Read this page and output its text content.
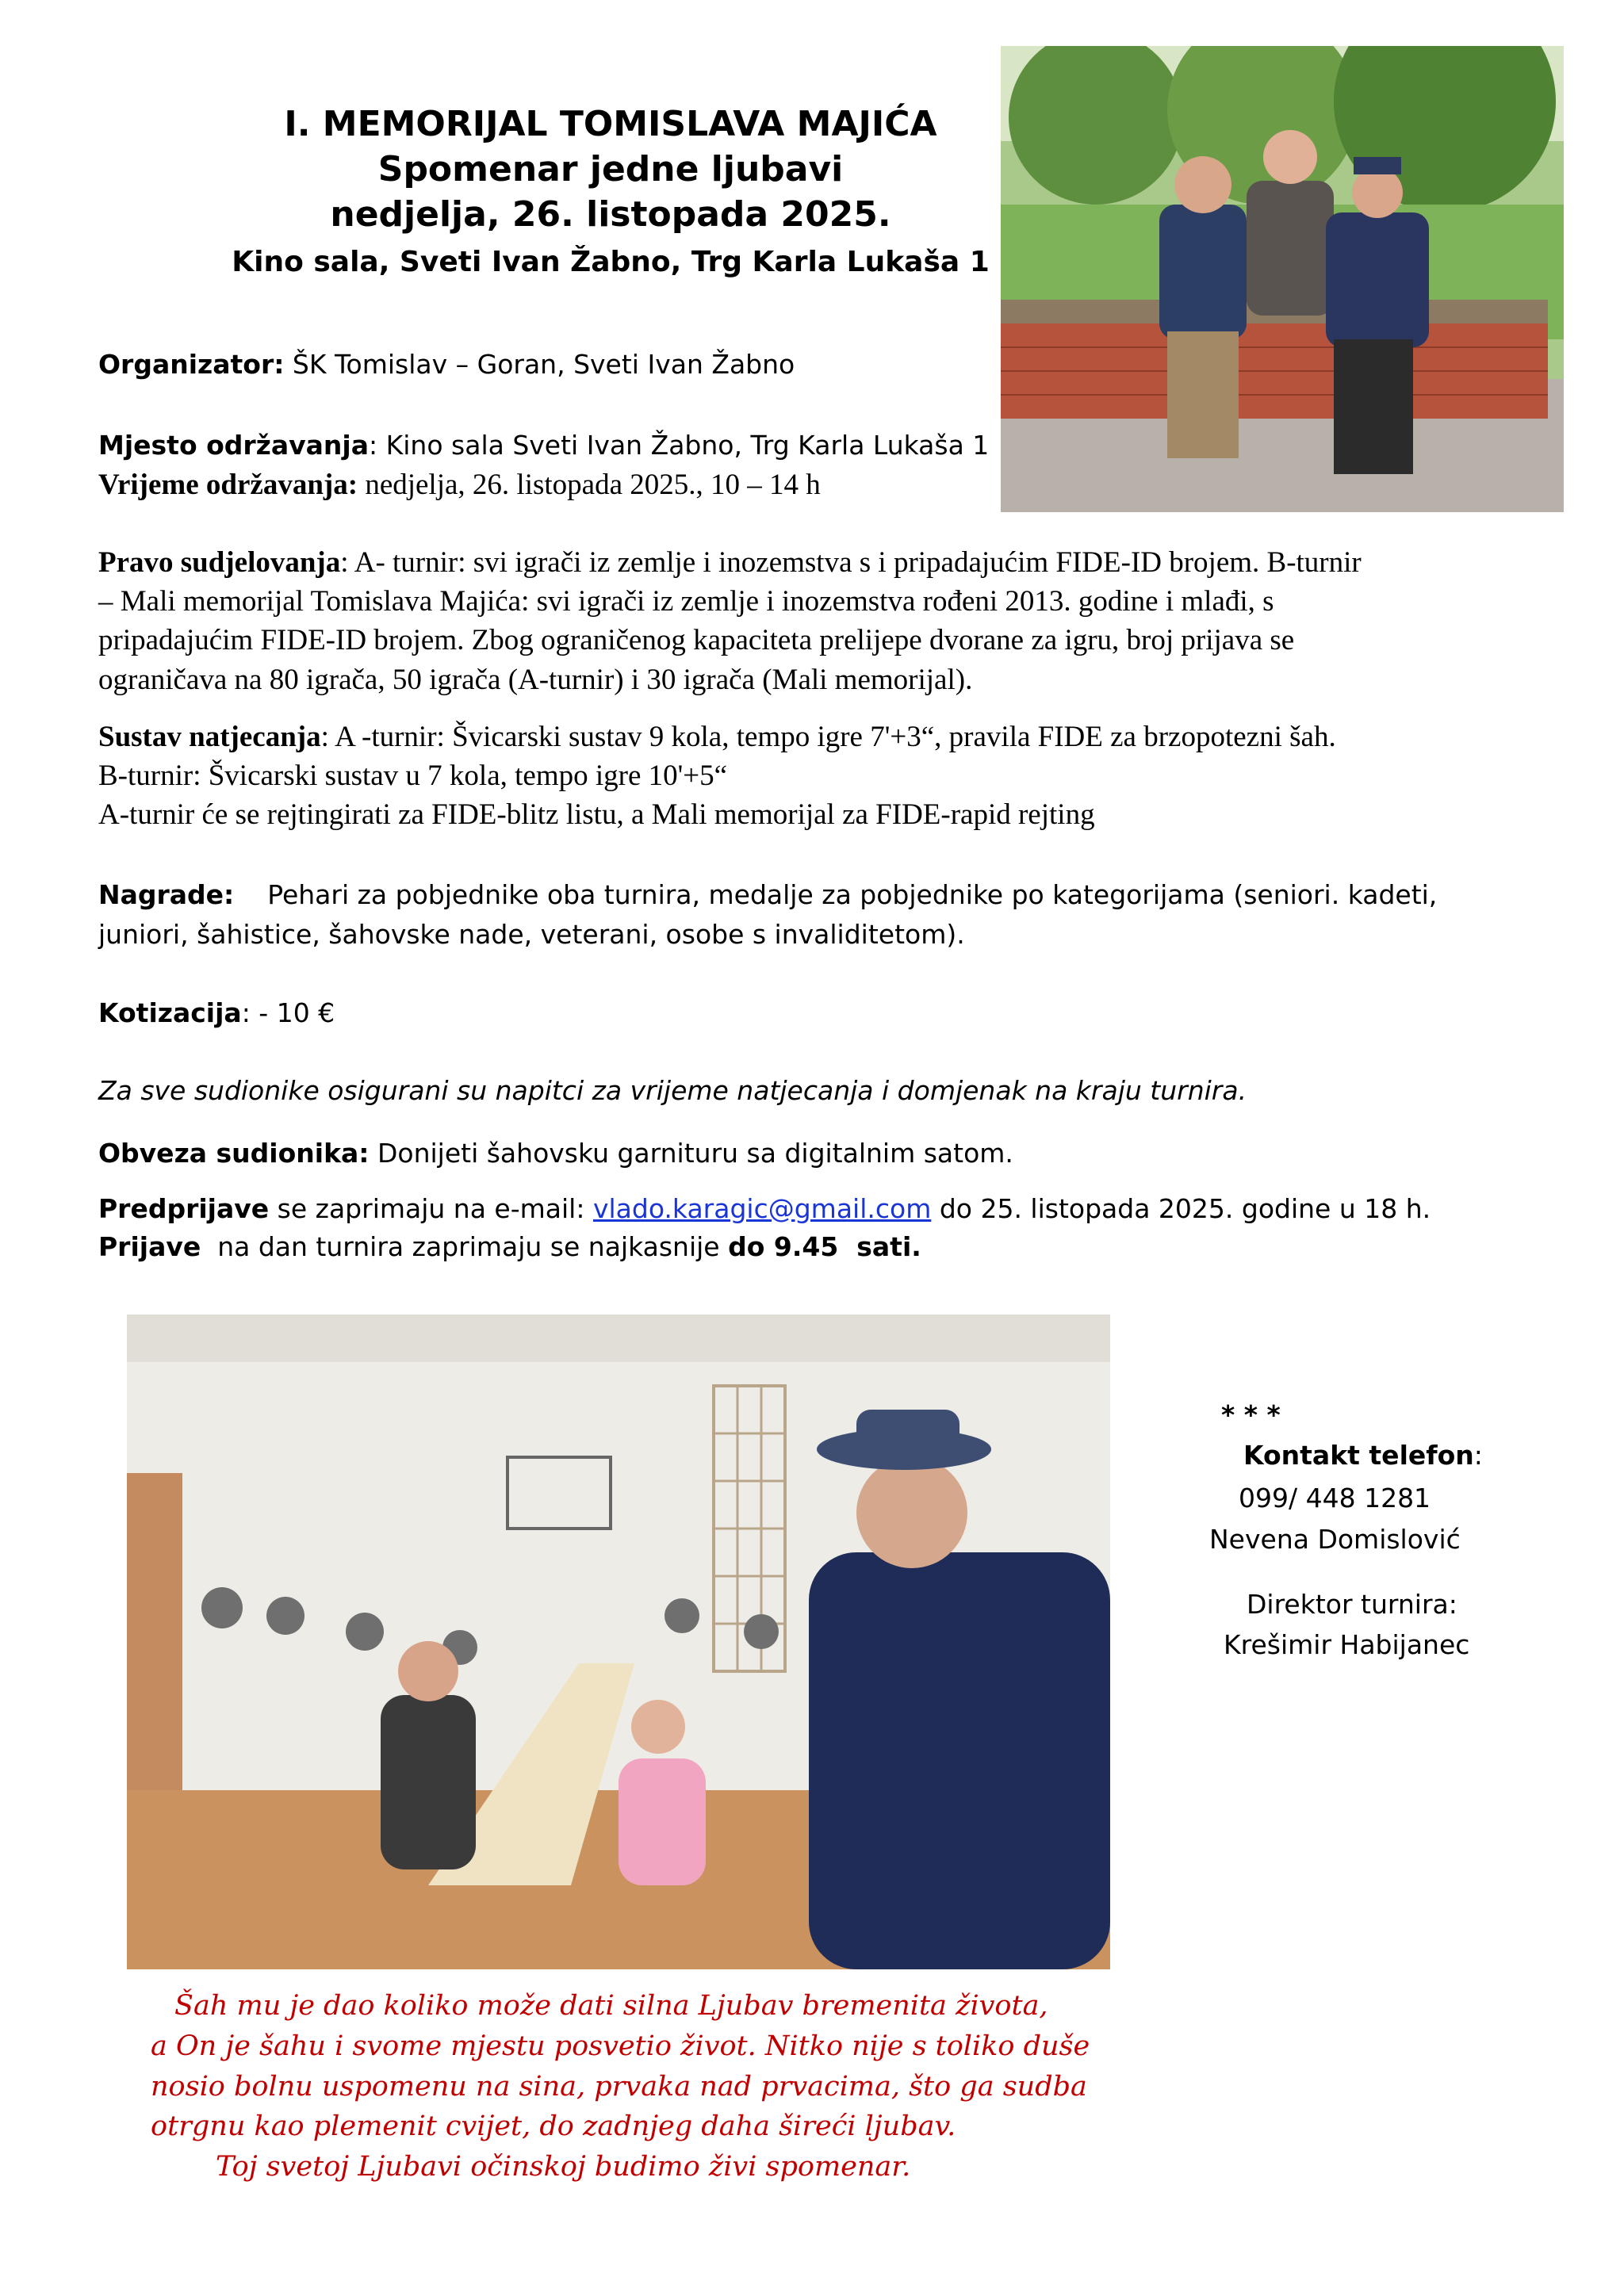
I. MEMORIJAL TOMISLAVA MAJIĆA
Spomenar jedne ljubavi
nedjelja, 26. listopada 2025.
Kino sala, Sveti Ivan Žabno, Trg Karla Lukaša 1
Organizator: ŠK Tomislav – Goran, Sveti Ivan Žabno
Mjesto održavanja: Kino sala Sveti Ivan Žabno, Trg Karla Lukaša 1
Vrijeme održavanja: nedjelja, 26. listopada 2025., 10 – 14 h
Pravo sudjelovanja: A- turnir: svi igrači iz zemlje i inozemstva s i pripadajućim FIDE-ID brojem. B-turnir
– Mali memorijal Tomislava Majića: svi igrači iz zemlje i inozemstva rođeni 2013. godine i mlađi, s
pripadajućim FIDE-ID brojem. Zbog ograničenog kapaciteta prelijepe dvorane za igru, broj prijava se
ograničava na 80 igrača, 50 igrača (A-turnir) i 30 igrača (Mali memorijal).
Sustav natjecanja: A -turnir: Švicarski sustav 9 kola, tempo igre 7'+3“, pravila FIDE za brzopotezni šah.
B-turnir: Švicarski sustav u 7 kola, tempo igre 10'+5“
A-turnir će se rejtingirati za FIDE-blitz listu, a Mali memorijal za FIDE-rapid rejting
Nagrade:    Pehari za pobjednike oba turnira, medalje za pobjednike po kategorijama (seniori. kadeti,
juniori, šahistice, šahovske nade, veterani, osobe s invaliditetom).
Kotizacija: - 10 €
Za sve sudionike osigurani su napitci za vrijeme natjecanja i domjenak na kraju turnira.
Obveza sudionika: Donijeti šahovsku garnituru sa digitalnim satom.
Predprijave se zaprimaju na e-mail: vlado.karagic@gmail.com do 25. listopada 2025. godine u 18 h.
Prijave  na dan turnira zaprimaju se najkasnije do 9.45  sati.
* * *
Kontakt telefon:
099/ 448 1281
Nevena Domislović
Direktor turnira:
Krešimir Habijanec
Šah mu je dao koliko može dati silna Ljubav bremenita života,
a On je šahu i svome mjestu posvetio život. Nitko nije s toliko duše
nosio bolnu uspomenu na sina, prvaka nad prvacima, što ga sudba
otrgnu kao plemenit cvijet, do zadnjeg daha šireći ljubav.
Toj svetoj Ljubavi očinskoj budimo živi spomenar.
